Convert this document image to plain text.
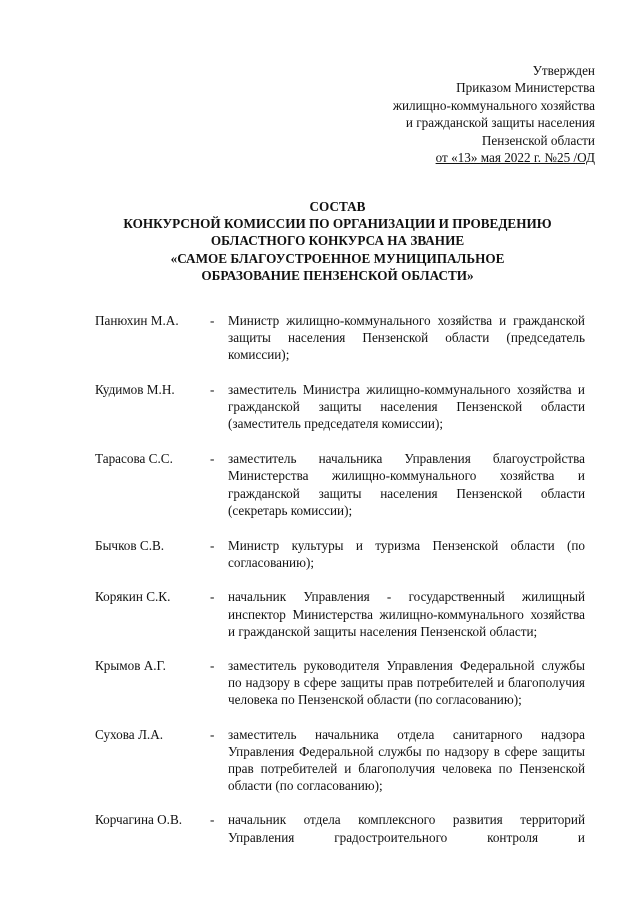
Утвержден
Приказом Министерства
жилищно-коммунального хозяйства
и гражданской защиты населения
Пензенской области
от «13» мая 2022 г. №25 /ОД
СОСТАВ
КОНКУРСНОЙ КОМИССИИ ПО ОРГАНИЗАЦИИ И ПРОВЕДЕНИЮ
ОБЛАСТНОГО КОНКУРСА НА ЗВАНИЕ
«САМОЕ БЛАГОУСТРОЕННОЕ МУНИЦИПАЛЬНОЕ
ОБРАЗОВАНИЕ ПЕНЗЕНСКОЙ ОБЛАСТИ»
Панюхин М.А.	-	Министр жилищно-коммунального хозяйства и гражданской защиты населения Пензенской области (председатель комиссии);
Кудимов М.Н.	-	заместитель Министра жилищно-коммунального хозяйства и гражданской защиты населения Пензенской области (заместитель председателя комиссии);
Тарасова С.С.	-	заместитель начальника Управления благоустройства Министерства жилищно-коммунального хозяйства и гражданской защиты населения Пензенской области (секретарь комиссии);
Бычков С.В.	-	Министр культуры и туризма Пензенской области (по согласованию);
Корякин С.К.	-	начальник Управления - государственный жилищный инспектор Министерства жилищно-коммунального хозяйства и гражданской защиты населения Пензенской области;
Крымов А.Г.	-	заместитель руководителя Управления Федеральной службы по надзору в сфере защиты прав потребителей и благополучия человека по Пензенской области (по согласованию);
Сухова Л.А.	-	заместитель начальника отдела санитарного надзора Управления Федеральной службы по надзору в сфере защиты прав потребителей и благополучия человека по Пензенской области (по согласованию);
Корчагина О.В.	-	начальник отдела комплексного развития территорий Управления градостроительного контроля и
